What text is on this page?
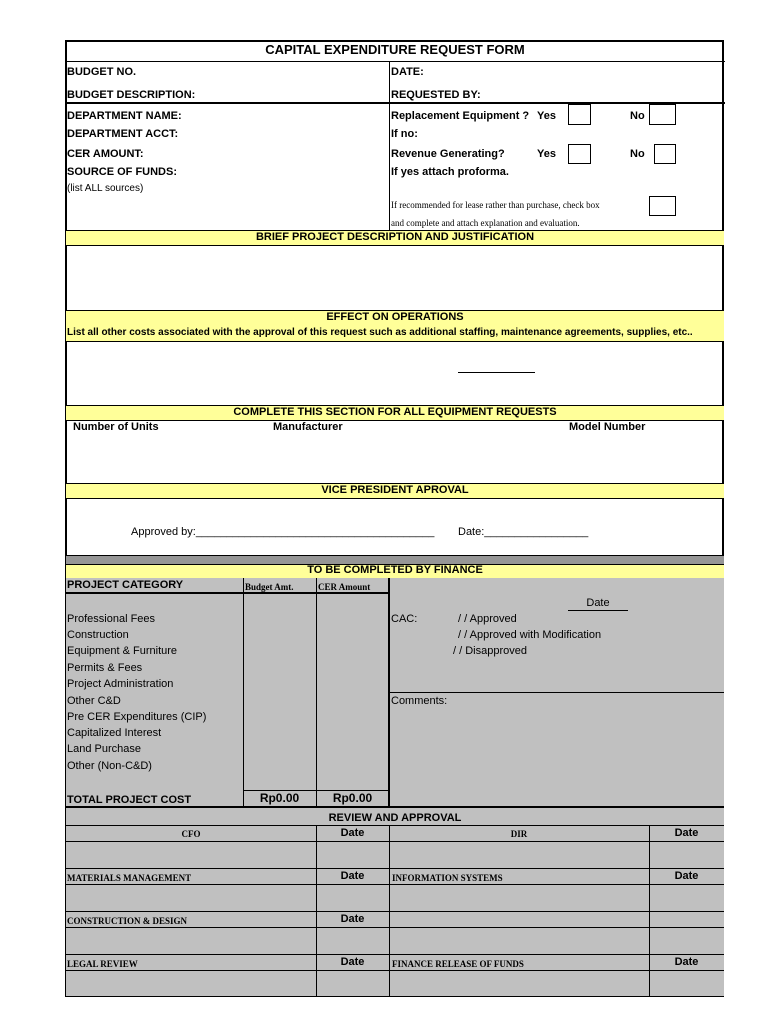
CAPITAL EXPENDITURE REQUEST FORM
BUDGET NO.	DATE:
BUDGET DESCRIPTION:	REQUESTED BY:
DEPARTMENT NAME:
DEPARTMENT ACCT:
CER AMOUNT:
SOURCE OF FUNDS:
(list ALL sources)
Replacement Equipment ? Yes	No
If no:
Revenue Generating?	Yes	No
If yes attach proforma.
If recommended for lease rather than purchase, check box
and complete and attach explanation and evaluation.
BRIEF PROJECT DESCRIPTION AND JUSTIFICATION
EFFECT ON OPERATIONS
List all other costs associated with the approval of this request such as additional staffing, maintenance agreements, supplies, etc..
COMPLETE THIS SECTION FOR ALL EQUIPMENT REQUESTS
Number of Units	Manufacturer	Model Number
VICE PRESIDENT APROVAL
Approved by:_______________________________________ Date:_________________
TO BE COMPLETED BY FINANCE
PROJECT CATEGORY	Budget Amt.	CER Amount
Professional Fees
Construction
Equipment & Furniture
Permits & Fees
Project Administration
Other C&D
Pre CER Expenditures (CIP)
Capitalized Interest
Land Purchase
Other (Non-C&D)
TOTAL PROJECT COST	Rp0.00	Rp0.00
Date
CAC:	/ / Approved
/ / Approved with Modification
/ / Disapproved
Comments:
REVIEW AND APPROVAL
CFO	Date	DIR	Date
MATERIALS MANAGEMENT	Date	INFORMATION SYSTEMS	Date
CONSTRUCTION & DESIGN	Date
LEGAL REVIEW	Date	FINANCE RELEASE OF FUNDS	Date
